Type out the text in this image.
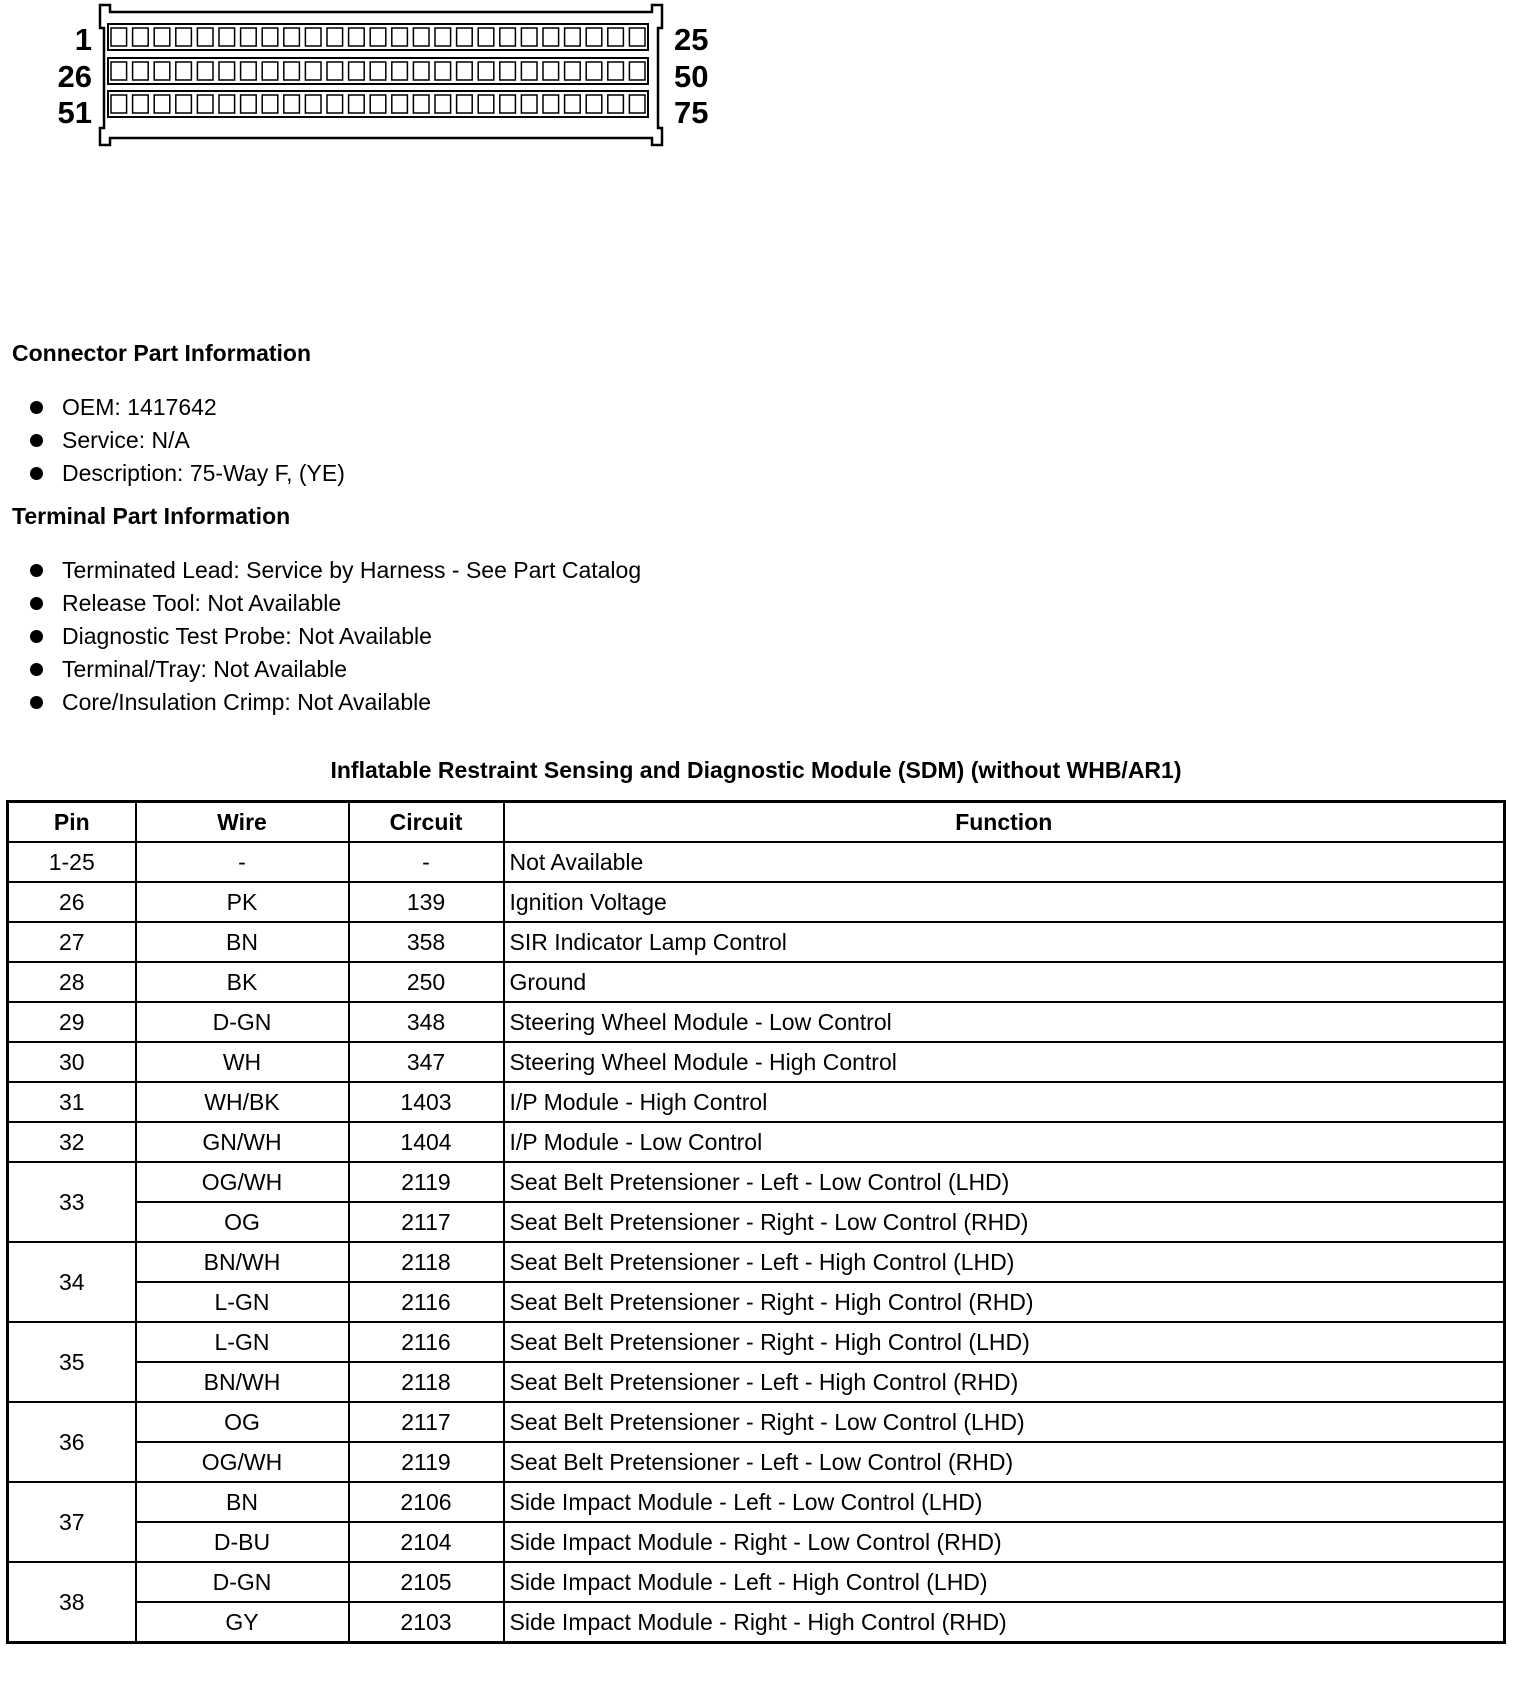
1
26
51
25
50
75
Connector Part Information
OEM: 1417642
Service: N/A
Description: 75-Way F, (YE)
Terminal Part Information
Terminated Lead: Service by Harness - See Part Catalog
Release Tool: Not Available
Diagnostic Test Probe: Not Available
Terminal/Tray: Not Available
Core/Insulation Crimp: Not Available
Inflatable Restraint Sensing and Diagnostic Module (SDM) (without WHB/AR1)
Pin	Wire	Circuit	Function
1-25	-	-	Not Available
26	PK	139	Ignition Voltage
27	BN	358	SIR Indicator Lamp Control
28	BK	250	Ground
29	D-GN	348	Steering Wheel Module - Low Control
30	WH	347	Steering Wheel Module - High Control
31	WH/BK	1403	I/P Module - High Control
32	GN/WH	1404	I/P Module - Low Control
33	OG/WH	2119	Seat Belt Pretensioner - Left - Low Control (LHD)
	OG	2117	Seat Belt Pretensioner - Right - Low Control (RHD)
34	BN/WH	2118	Seat Belt Pretensioner - Left - High Control (LHD)
	L-GN	2116	Seat Belt Pretensioner - Right - High Control (RHD)
35	L-GN	2116	Seat Belt Pretensioner - Right - High Control (LHD)
	BN/WH	2118	Seat Belt Pretensioner - Left - High Control (RHD)
36	OG	2117	Seat Belt Pretensioner - Right - Low Control (LHD)
	OG/WH	2119	Seat Belt Pretensioner - Left - Low Control (RHD)
37	BN	2106	Side Impact Module - Left - Low Control (LHD)
	D-BU	2104	Side Impact Module - Right - Low Control (RHD)
38	D-GN	2105	Side Impact Module - Left - High Control (LHD)
	GY	2103	Side Impact Module - Right - High Control (RHD)
